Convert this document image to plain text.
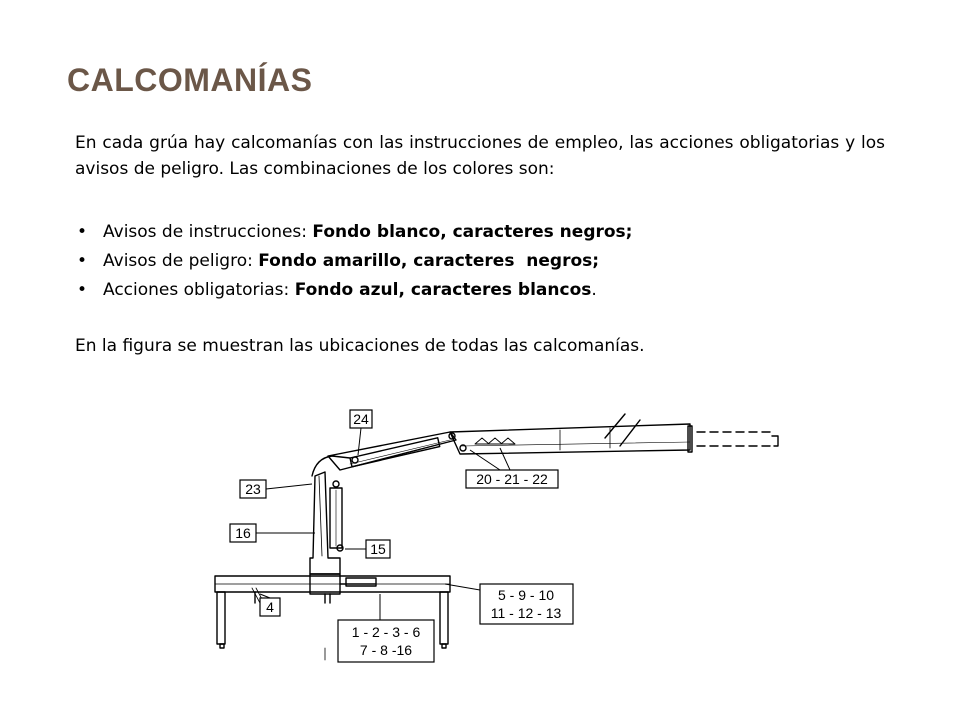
CALCOMANÍAS

En cada grúa hay calcomanías con las instrucciones de empleo, las acciones obligatorias y los avisos de peligro. Las combinaciones de los colores son:

• Avisos de instrucciones: Fondo blanco, caracteres negros;
• Avisos de peligro: Fondo amarillo, caracteres  negros;
• Acciones obligatorias: Fondo azul, caracteres blancos.

En la figura se muestran las ubicaciones de todas las calcomanías.

24
23
16
15
4
20 - 21 - 22
5 - 9 - 10
11 - 12 - 13
1 - 2 - 3 - 6
7 - 8 -16
